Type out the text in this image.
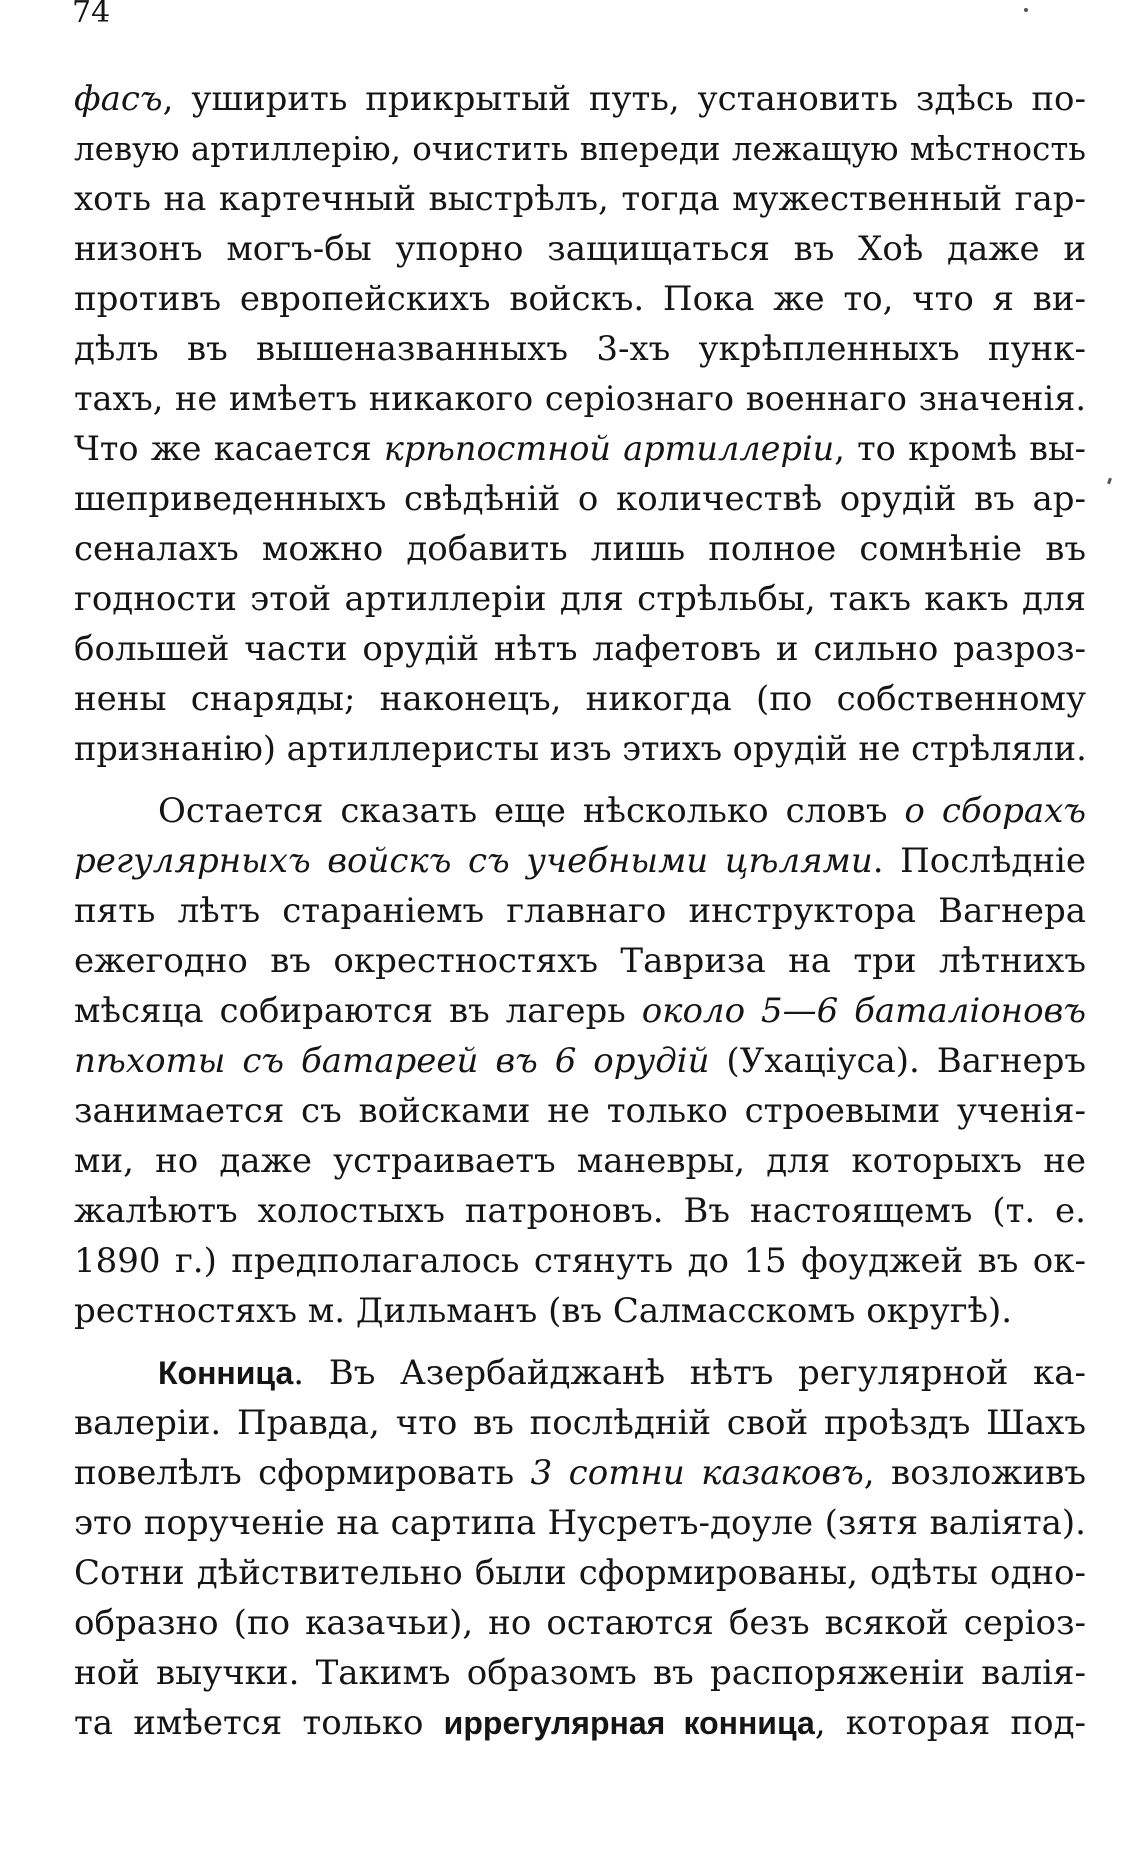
74
фасъ, уширить прикрытый путь, установить здѣсь по-
левую артиллерію, очистить впереди лежащую мѣстность
хоть на картечный выстрѣлъ, тогда мужественный гар-
низонъ могъ-бы упорно защищаться въ Хоѣ даже и
противъ европейскихъ войскъ. Пока же то, что я ви-
дѣлъ въ вышеназванныхъ 3-хъ укрѣпленныхъ пунк-
тахъ, не имѣетъ никакого серіознаго военнаго значенія.
Что же касается крѣпостной артиллеріи, то кромѣ вы-
шеприведенныхъ свѣдѣній о количествѣ орудій въ ар-
сеналахъ можно добавить лишь полное сомнѣніе въ
годности этой артиллеріи для стрѣльбы, такъ какъ для
большей части орудій нѣтъ лафетовъ и сильно разроз-
нены снаряды; наконецъ, никогда (по собственному
признанію) артиллеристы изъ этихъ орудій не стрѣляли.
Остается сказать еще нѣсколько словъ о сборахъ
регулярныхъ войскъ съ учебными цѣлями. Послѣдніе
пять лѣтъ стараніемъ главнаго инструктора Вагнера
ежегодно въ окрестностяхъ Тавриза на три лѣтнихъ
мѣсяца собираются въ лагерь около 5—6 баталіоновъ
пѣхоты съ батареей въ 6 орудій (Ухаціуса). Вагнеръ
занимается съ войсками не только строевыми ученія-
ми, но даже устраиваетъ маневры, для которыхъ не
жалѣютъ холостыхъ патроновъ. Въ настоящемъ (т. е.
1890 г.) предполагалось стянуть до 15 фоуджей въ ок-
рестностяхъ м. Дильманъ (въ Салмасскомъ округѣ).
Конница. Въ Азербайджанѣ нѣтъ регулярной ка-
валеріи. Правда, что въ послѣдній свой проѣздъ Шахъ
повелѣлъ сформировать 3 сотни казаковъ, возложивъ
это порученіе на сартипа Нусретъ-доуле (зятя валіята).
Сотни дѣйствительно были сформированы, одѣты одно-
образно (по казачьи), но остаются безъ всякой серіоз-
ной выучки. Такимъ образомъ въ распоряженіи валія-
та имѣется только иррегулярная конница, которая под-
